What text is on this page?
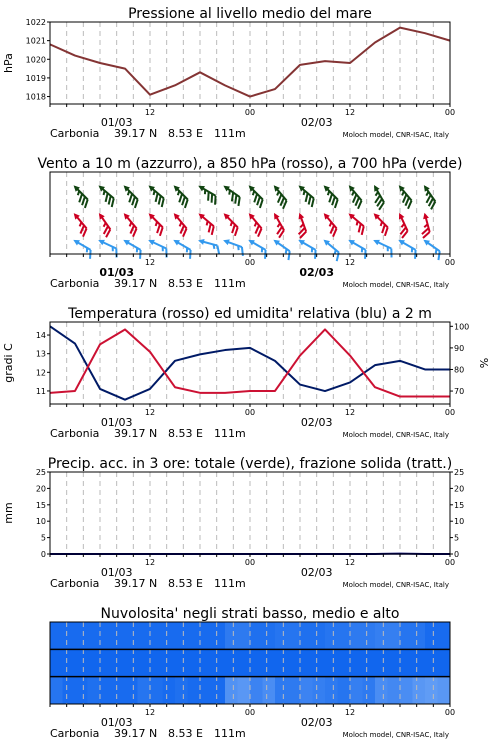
Pressione al livello medio del mare
1018
1019
1020
1021
1022
hPa
12	00	12	00
01/03	02/03
Carbonia 39.17 N 8.53 E 111m	Moloch model, CNR-ISAC, Italy
Vento a 10 m (azzurro), a 850 hPa (rosso), a 700 hPa (verde)
12	00	12	00
01/03	02/03
Carbonia 39.17 N 8.53 E 111m	Moloch model, CNR-ISAC, Italy
Temperatura (rosso) ed umidita' relativa (blu) a 2 m
11
12
13
14
70
80
90
100
gradi C	%
12	00	12	00
01/03	02/03
Carbonia 39.17 N 8.53 E 111m	Moloch model, CNR-ISAC, Italy
Precip. acc. in 3 ore: totale (verde), frazione solida (tratt.)
0
5
10
15
20
25
0
5
10
15
20
25
mm
12	00	12	00
01/03	02/03
Carbonia 39.17 N 8.53 E 111m	Moloch model, CNR-ISAC, Italy
Nuvolosita' negli strati basso, medio e alto
12	00	12	00
01/03	02/03
Carbonia 39.17 N 8.53 E 111m	Moloch model, CNR-ISAC, Italy
